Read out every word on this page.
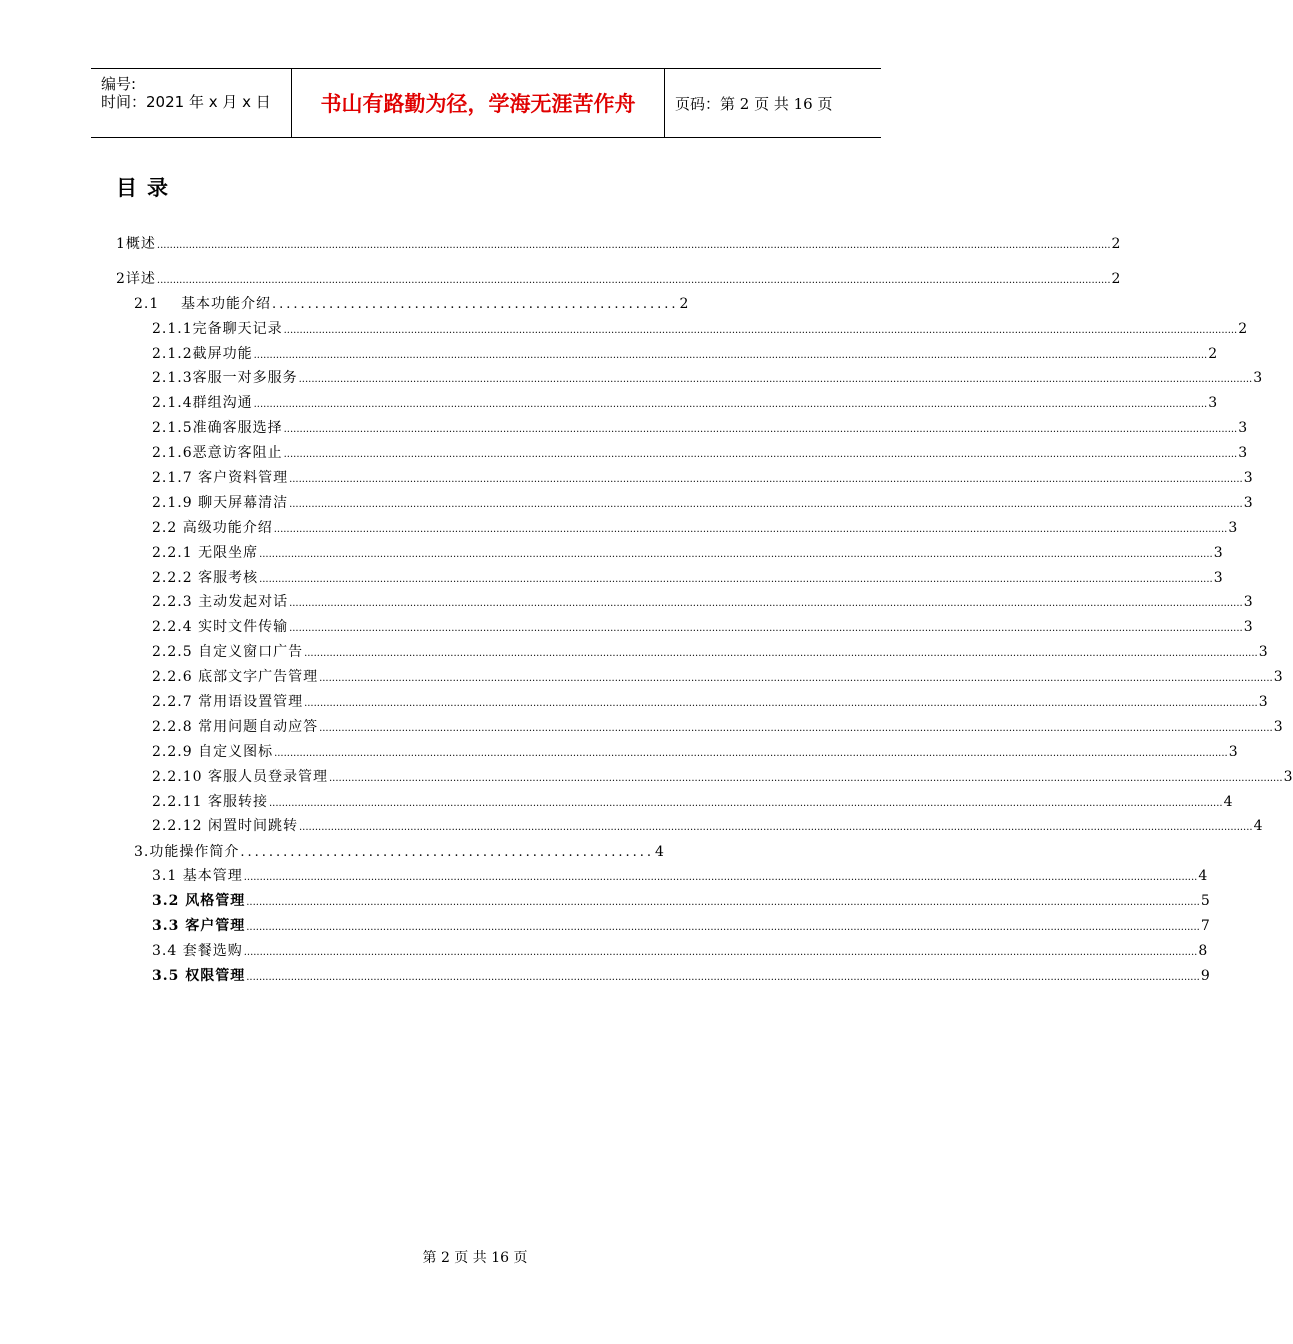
编号:
时间：2021 年 x 月 x 日	书山有路勤为径，学海无涯苦作舟	页码：第 2 页 共 16 页
目录
1 概述 ............................................................................................................................................................................................................................................................................................................ 2
2 详述 ............................................................................................................................................................................................................................................................................................................ 2
2.1	基本功能介绍 ......................................................... 2
2.1.1 完备聊天记录 ............................................................................................................................................................................................................................................................................................................ 2
2.1.2 截屏功能 ............................................................................................................................................................................................................................................................................................................ 2
2.1.3 客服一对多服务 ............................................................................................................................................................................................................................................................................................................ 3
2.1.4 群组沟通 ............................................................................................................................................................................................................................................................................................................ 3
2.1.5 准确客服选择 ............................................................................................................................................................................................................................................................................................................ 3
2.1.6 恶意访客阻止 ............................................................................................................................................................................................................................................................................................................ 3
2.1.7 客户资料管理 ............................................................................................................................................................................................................................................................................................................ 3
2.1.9 聊天屏幕清洁 ............................................................................................................................................................................................................................................................................................................ 3
2.2 高级功能介绍 ............................................................................................................................................................................................................................................................................................................ 3
2.2.1 无限坐席 ............................................................................................................................................................................................................................................................................................................ 3
2.2.2 客服考核 ............................................................................................................................................................................................................................................................................................................ 3
2.2.3 主动发起对话 ............................................................................................................................................................................................................................................................................................................ 3
2.2.4 实时文件传输 ............................................................................................................................................................................................................................................................................................................ 3
2.2.5 自定义窗口广告 ............................................................................................................................................................................................................................................................................................................ 3
2.2.6 底部文字广告管理 ............................................................................................................................................................................................................................................................................................................ 3
2.2.7 常用语设置管理 ............................................................................................................................................................................................................................................................................................................ 3
2.2.8 常用问题自动应答 ............................................................................................................................................................................................................................................................................................................ 3
2.2.9 自定义图标 ............................................................................................................................................................................................................................................................................................................ 3
2.2.10 客服人员登录管理 ............................................................................................................................................................................................................................................................................................................ 3
2.2.11 客服转接 ............................................................................................................................................................................................................................................................................................................ 4
2.2.12 闲置时间跳转 ............................................................................................................................................................................................................................................................................................................ 4
3.功能操作简介 .......................................................... 4
3.1 基本管理 ............................................................................................................................................................................................................................................................................................................ 4
3.2 风格管理 ............................................................................................................................................................................................................................................................................................................ 5
3.3 客户管理 ............................................................................................................................................................................................................................................................................................................ 7
3.4 套餐选购 ............................................................................................................................................................................................................................................................................................................ 8
3.5 权限管理 ............................................................................................................................................................................................................................................................................................................ 9
第 2 页 共 16 页
